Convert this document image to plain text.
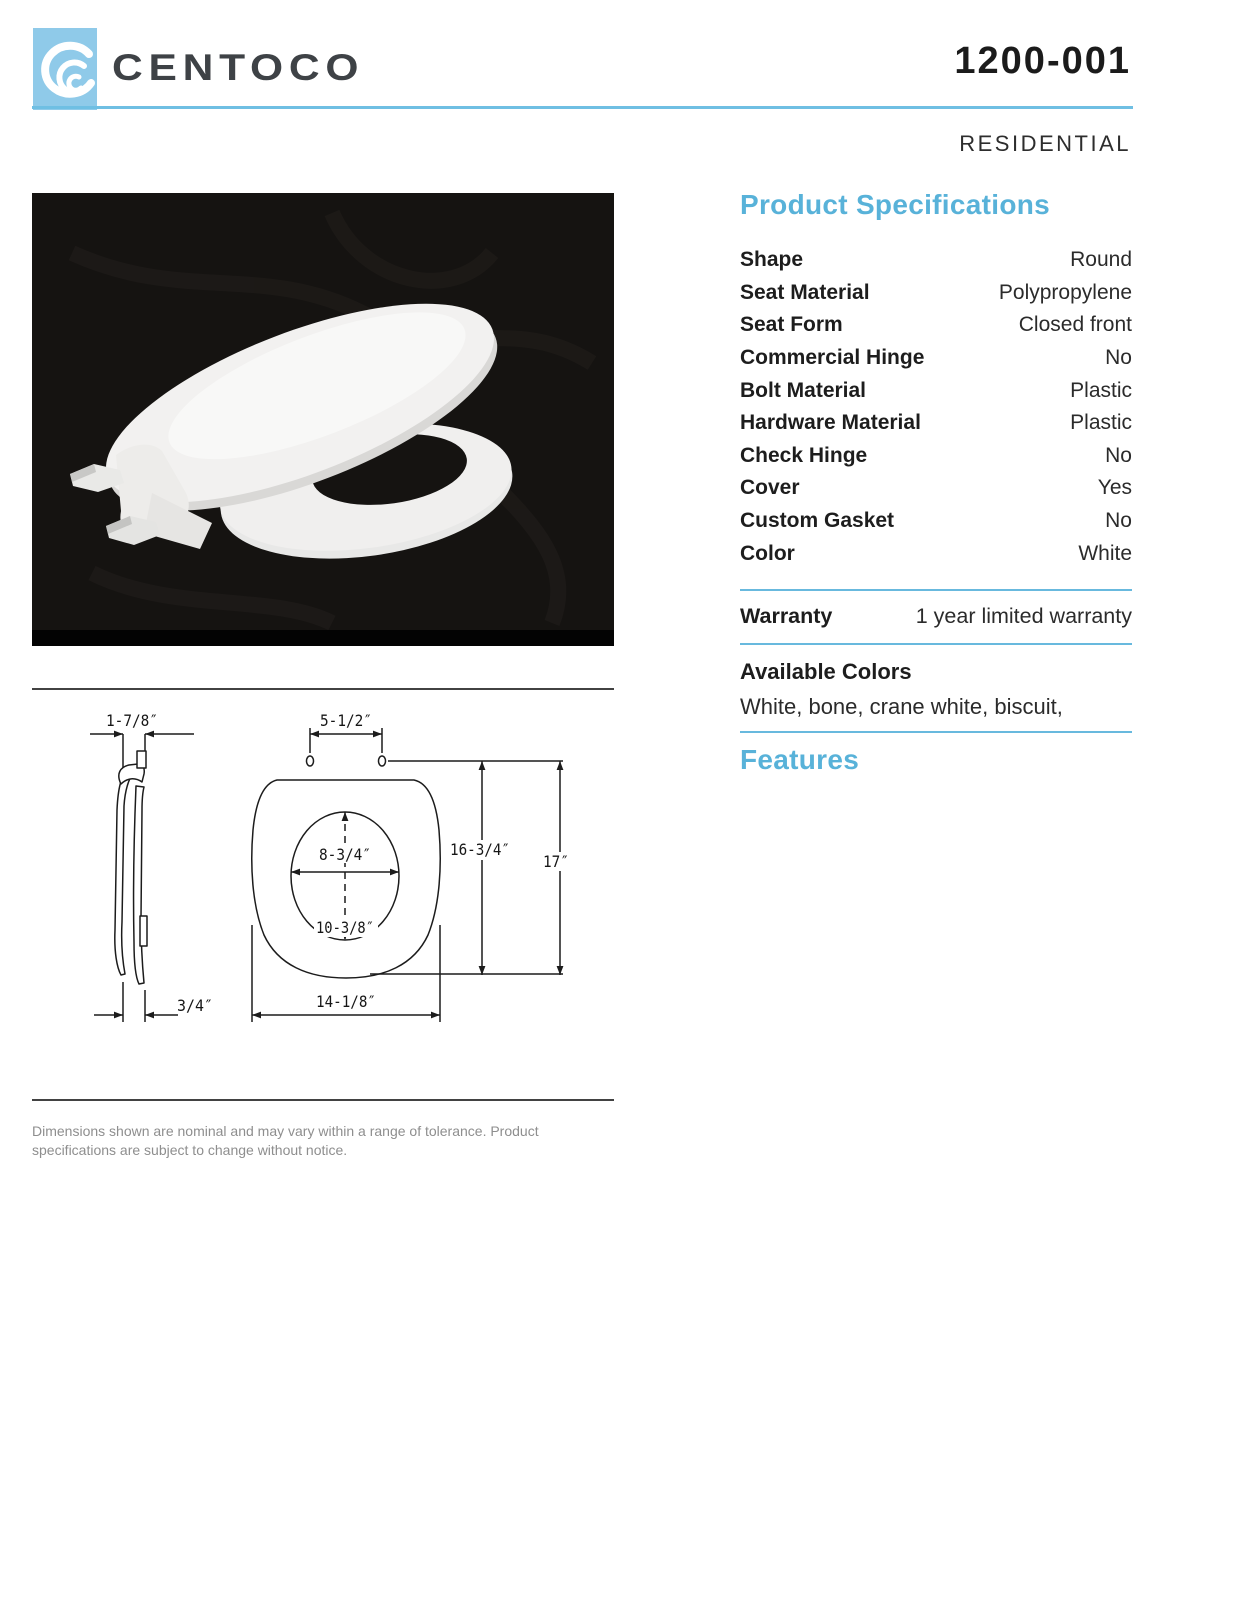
CENTOCO	1200-001
RESIDENTIAL
1-7/8″
3/4″
5-1/2″
8-3/4″
10-3/8″
16-3/4″
17″
14-1/8″
Dimensions shown are nominal and may vary within a range of tolerance. Product specifications are subject to change without notice.
Product Specifications
Shape	Round
Seat Material	Polypropylene
Seat Form	Closed front
Commercial Hinge	No
Bolt Material	Plastic
Hardware Material	Plastic
Check Hinge	No
Cover	Yes
Custom Gasket	No
Color	White
Warranty	1 year limited warranty
Available Colors
White, bone, crane white, biscuit,
Features
